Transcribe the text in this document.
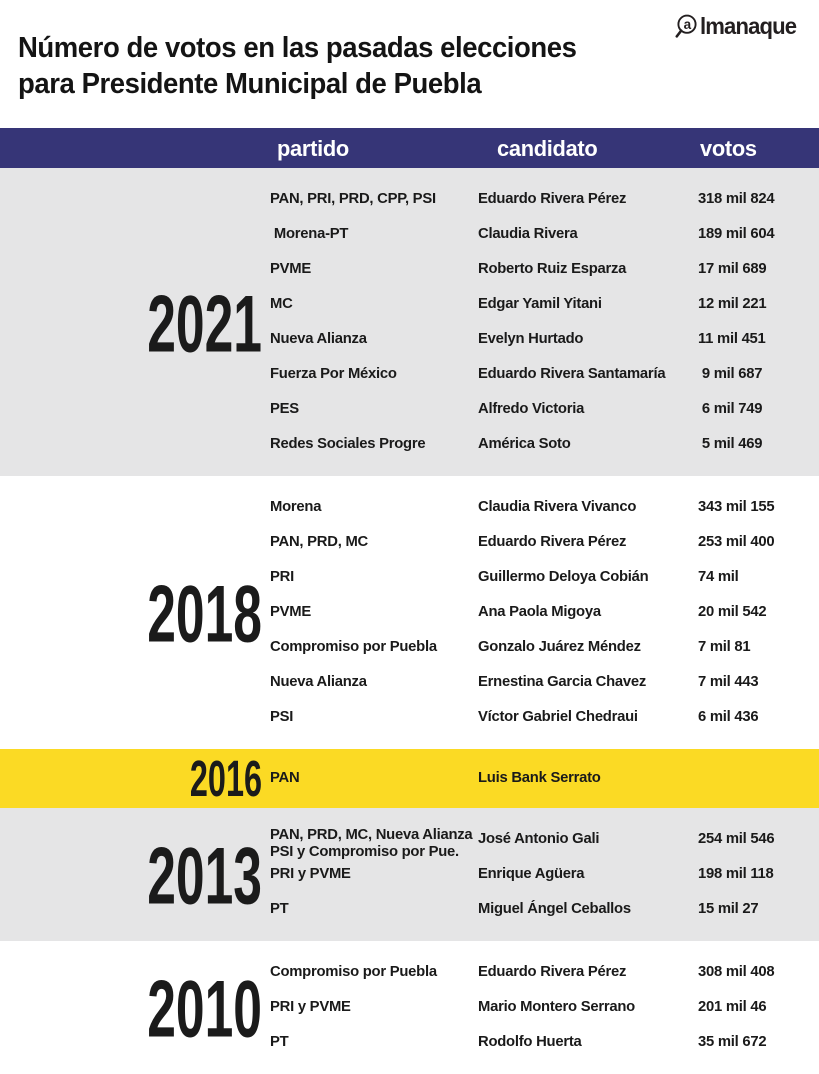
a lmanaque
Número de votos en las pasadas elecciones
para Presidente Municipal de Puebla
partido	candidato	votos
2021
PAN, PRI, PRD, CPP, PSI	Eduardo Rivera Pérez	318 mil 824
Morena-PT	Claudia Rivera	189 mil 604
PVME	Roberto Ruiz Esparza	17 mil 689
MC	Edgar Yamil Yitani	12 mil 221
Nueva Alianza	Evelyn Hurtado	11 mil 451
Fuerza Por México	Eduardo Rivera Santamaría 9 mil 687
PES	Alfredo Victoria	6 mil 749
Redes Sociales Progre	América Soto	5 mil 469
2018
Morena	Claudia Rivera Vivanco	343 mil 155
PAN, PRD, MC	Eduardo Rivera Pérez	253 mil 400
PRI	Guillermo Deloya Cobián	74 mil
PVME	Ana Paola Migoya	20 mil 542
Compromiso por Puebla	Gonzalo Juárez Méndez	7 mil 81
Nueva Alianza	Ernestina Garcia Chavez	7 mil 443
PSI	Víctor Gabriel Chedraui	6 mil 436
2016 PAN	Luis Bank Serrato
2013 PAN, PRD, MC, Nueva Alianza
PSI y Compromiso por Pue.
José Antonio Gali	254 mil 546
PRI y PVME	Enrique Agüera	198 mil 118
PT	Miguel Ángel Ceballos	15 mil 27
2010 Compromiso por Puebla	Eduardo Rivera Pérez	308 mil 408
PRI y PVME	Mario Montero Serrano	201 mil 46
PT	Rodolfo Huerta	35 mil 672
